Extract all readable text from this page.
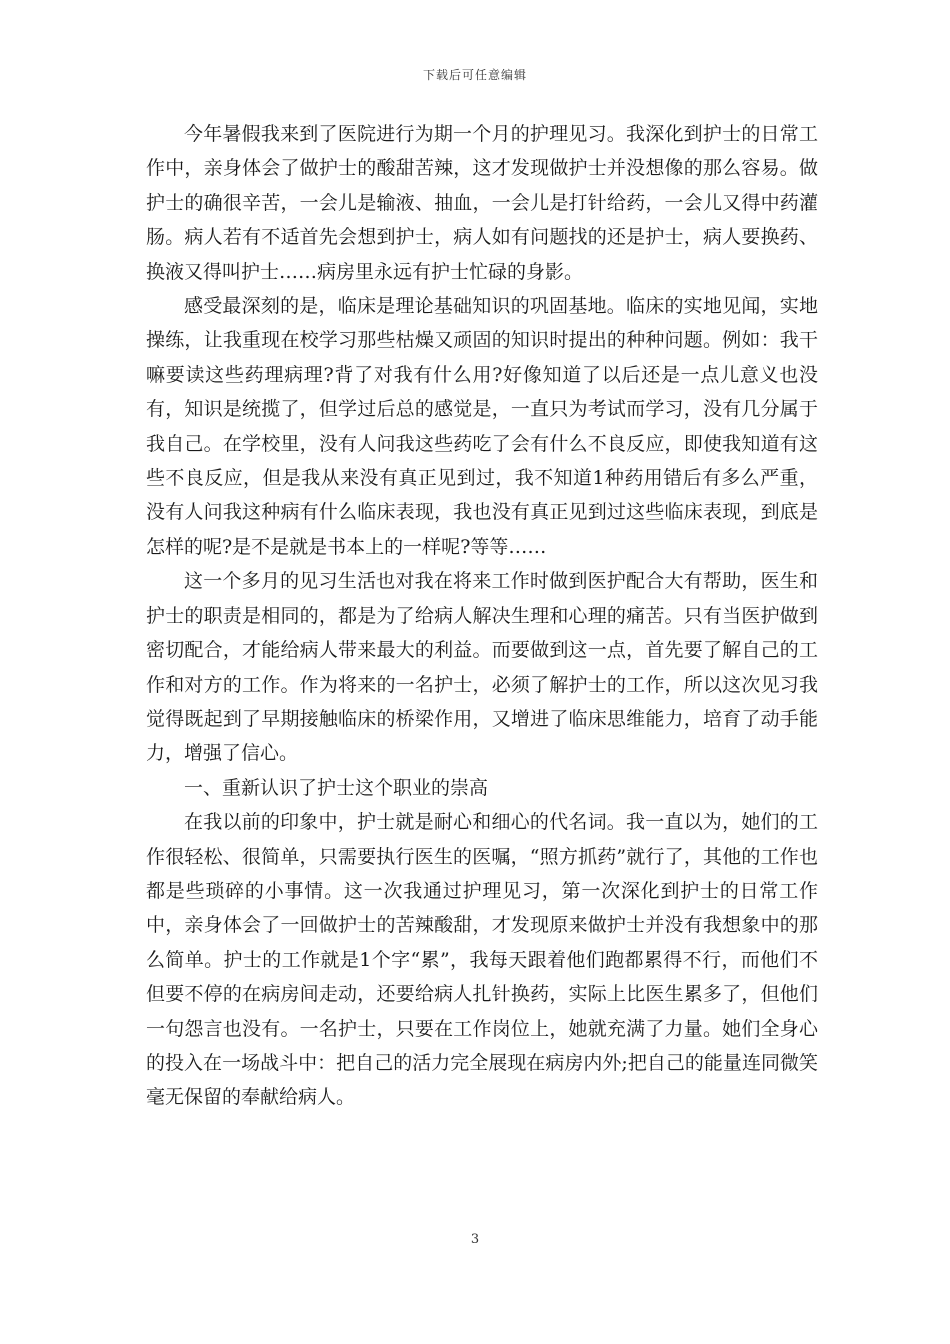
下载后可任意编辑

今年暑假我来到了医院进行为期一个月的护理见习。我深化到护士的日常工作中，亲身体会了做护士的酸甜苦辣，这才发现做护士并没想像的那么容易。做护士的确很辛苦，一会儿是输液、抽血，一会儿是打针给药，一会儿又得中药灌肠。病人若有不适首先会想到护士，病人如有问题找的还是护士，病人要换药、换液又得叫护士……病房里永远有护士忙碌的身影。

感受最深刻的是，临床是理论基础知识的巩固基地。临床的实地见闻，实地操练，让我重现在校学习那些枯燥又顽固的知识时提出的种种问题。例如：我干嘛要读这些药理病理?背了对我有什么用?好像知道了以后还是一点儿意义也没有，知识是统揽了，但学过后总的感觉是，一直只为考试而学习，没有几分属于我自己。在学校里，没有人问我这些药吃了会有什么不良反应，即使我知道有这些不良反应，但是我从来没有真正见到过，我不知道1种药用错后有多么严重，没有人问我这种病有什么临床表现，我也没有真正见到过这些临床表现，到底是怎样的呢?是不是就是书本上的一样呢?等等……

这一个多月的见习生活也对我在将来工作时做到医护配合大有帮助，医生和护士的职责是相同的，都是为了给病人解决生理和心理的痛苦。只有当医护做到密切配合，才能给病人带来最大的利益。而要做到这一点，首先要了解自己的工作和对方的工作。作为将来的一名护士，必须了解护士的工作，所以这次见习我觉得既起到了早期接触临床的桥梁作用，又增进了临床思维能力，培育了动手能力，增强了信心。

一、重新认识了护士这个职业的崇高

在我以前的印象中，护士就是耐心和细心的代名词。我一直以为，她们的工作很轻松、很简单，只需要执行医生的医嘱，“照方抓药”就行了，其他的工作也都是些琐碎的小事情。这一次我通过护理见习，第一次深化到护士的日常工作中，亲身体会了一回做护士的苦辣酸甜，才发现原来做护士并没有我想象中的那么简单。护士的工作就是1个字“累”，我每天跟着他们跑都累得不行，而他们不但要不停的在病房间走动，还要给病人扎针换药，实际上比医生累多了，但他们一句怨言也没有。一名护士，只要在工作岗位上，她就充满了力量。她们全身心的投入在一场战斗中：把自己的活力完全展现在病房内外;把自己的能量连同微笑毫无保留的奉献给病人。

3
